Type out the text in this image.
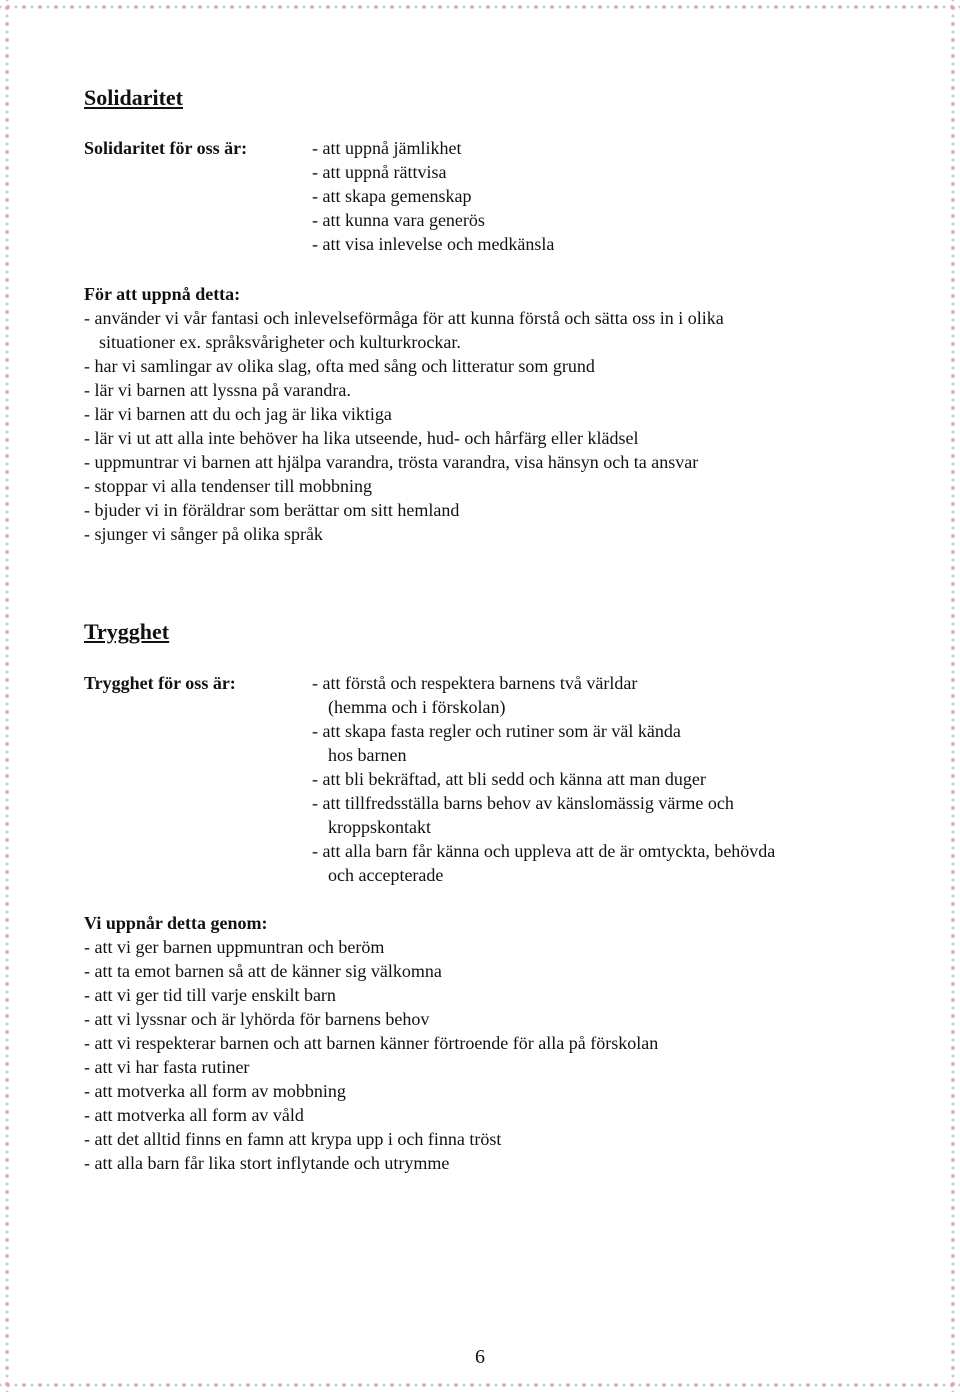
Solidaritet
Solidaritet för oss är:	- att uppnå jämlikhet
- att uppnå rättvisa
- att skapa gemenskap
- att kunna vara generös
- att visa inlevelse och medkänsla
För att uppnå detta:
- använder vi vår fantasi och inlevelseförmåga för att kunna förstå och sätta oss in i olika
situationer ex. språksvårigheter och kulturkrockar.
- har vi samlingar av olika slag, ofta med sång och litteratur som grund
- lär vi barnen att lyssna på varandra.
- lär vi barnen att du och jag är lika viktiga
- lär vi ut att alla inte behöver ha lika utseende, hud- och hårfärg eller klädsel
- uppmuntrar vi barnen att hjälpa varandra, trösta varandra, visa hänsyn och ta ansvar
- stoppar vi alla tendenser till mobbning
- bjuder vi in föräldrar som berättar om sitt hemland
- sjunger vi sånger på olika språk
Trygghet
Trygghet för oss är:	- att förstå och respektera barnens två världar
(hemma och i förskolan)
- att skapa fasta regler och rutiner som är väl kända
hos barnen
- att bli bekräftad, att bli sedd och känna att man duger
- att tillfredsställa barns behov av känslomässig värme och
kroppskontakt
- att alla barn får känna och uppleva att de är omtyckta, behövda
och accepterade
Vi uppnår detta genom:
- att vi ger barnen uppmuntran och beröm
- att ta emot barnen så att de känner sig välkomna
- att vi ger tid till varje enskilt barn
- att vi lyssnar och är lyhörda för barnens behov
- att vi respekterar barnen och att barnen känner förtroende för alla på förskolan
- att vi har fasta rutiner
- att motverka all form av mobbning
- att motverka all form av våld
- att det alltid finns en famn att krypa upp i och finna tröst
- att alla barn får lika stort inflytande och utrymme
6
